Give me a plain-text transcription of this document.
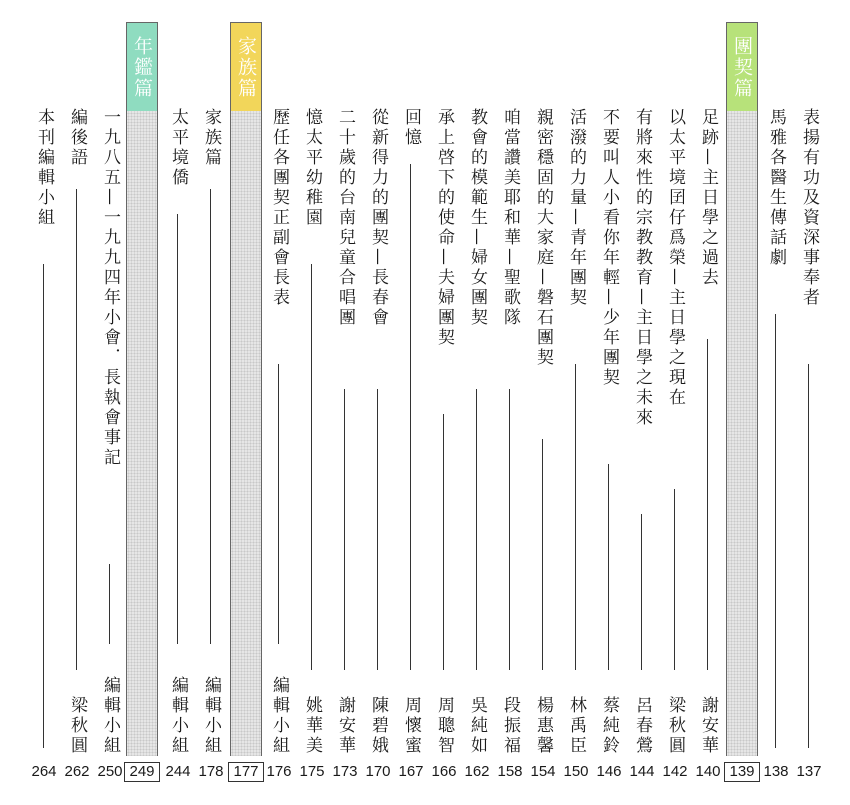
團契篇
139
家族篇
177
年鑑篇
249
表揚有功及資深事奉者
137
馬雅各醫生傳話劇
138
足跡—主日學之過去
謝安華
140
以太平境囝仔爲榮—主日學之現在
梁秋圓
142
有將來性的宗教教育—主日學之未來
呂春鶯
144
不要叫人小看你年輕—少年團契
蔡純鈴
146
活潑的力量—青年團契
林禹臣
150
親密穩固的大家庭—磐石團契
楊惠馨
154
咱當讚美耶和華—聖歌隊
段振福
158
教會的模範生—婦女團契
吳純如
162
承上啓下的使命—夫婦團契
周聰智
166
回憶
周懷蜜
167
從新得力的團契—長春會
陳碧娥
170
二十歲的台南兒童合唱團
謝安華
173
憶太平幼稚園
姚華美
175
歷任各團契正副會長表
編輯小組
176
家族篇
編輯小組
178
太平境僑
編輯小組
244
一九八五—一九九四年小會．長執會事記
編輯小組
250
編後語
梁秋圓
262
本刊編輯小組
264
